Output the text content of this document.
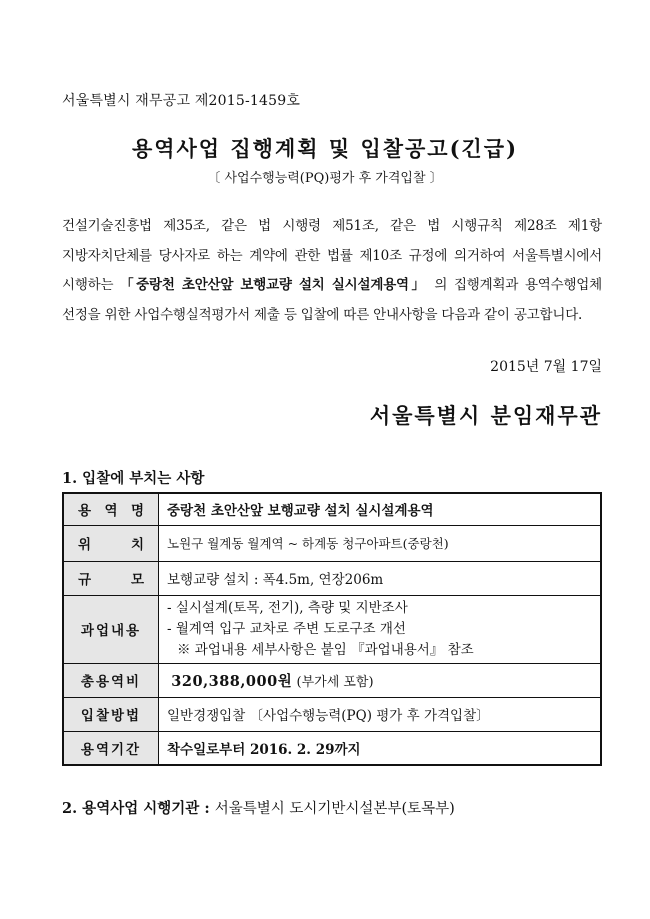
서울특별시 재무공고 제2015-1459호
용역사업 집행계획 및 입찰공고(긴급)
〔 사업수행능력(PQ)평가 후 가격입찰 〕
건설기술진흥법 제35조, 같은 법 시행령 제51조, 같은 법 시행규칙 제28조 제1항 지방자치단체를 당사자로 하는 계약에 관한 법률 제10조 규정에 의거하여 서울특별시에서 시행하는 「중랑천 초안산앞 보행교량 설치 실시설계용역」 의 집행계획과 용역수행업체 선정을 위한 사업수행실적평가서 제출 등 입찰에 따른 안내사항을 다음과 같이 공고합니다.
2015년 7월 17일
서울특별시 분임재무관
1. 입찰에 부치는 사항
용 역 명	중랑천 초안산앞 보행교량 설치 실시설계용역
위 치	노원구 월계동 월계역 ~ 하계동 청구아파트(중랑천)
규 모	보행교량 설치 : 폭4.5m, 연장206m
과업내용	- 실시설계(토목, 전기), 측량 및 지반조사
- 월계역 입구 교차로 주변 도로구조 개선
※ 과업내용 세부사항은 붙임 『과업내용서』 참조

총용역비	320,388,000원 (부가세 포함)
입찰방법	일반경쟁입찰 〔사업수행능력(PQ) 평가 후 가격입찰〕
용역기간	착수일로부터 2016. 2. 29까지
2. 용역사업 시행기관 : 서울특별시 도시기반시설본부(토목부)
